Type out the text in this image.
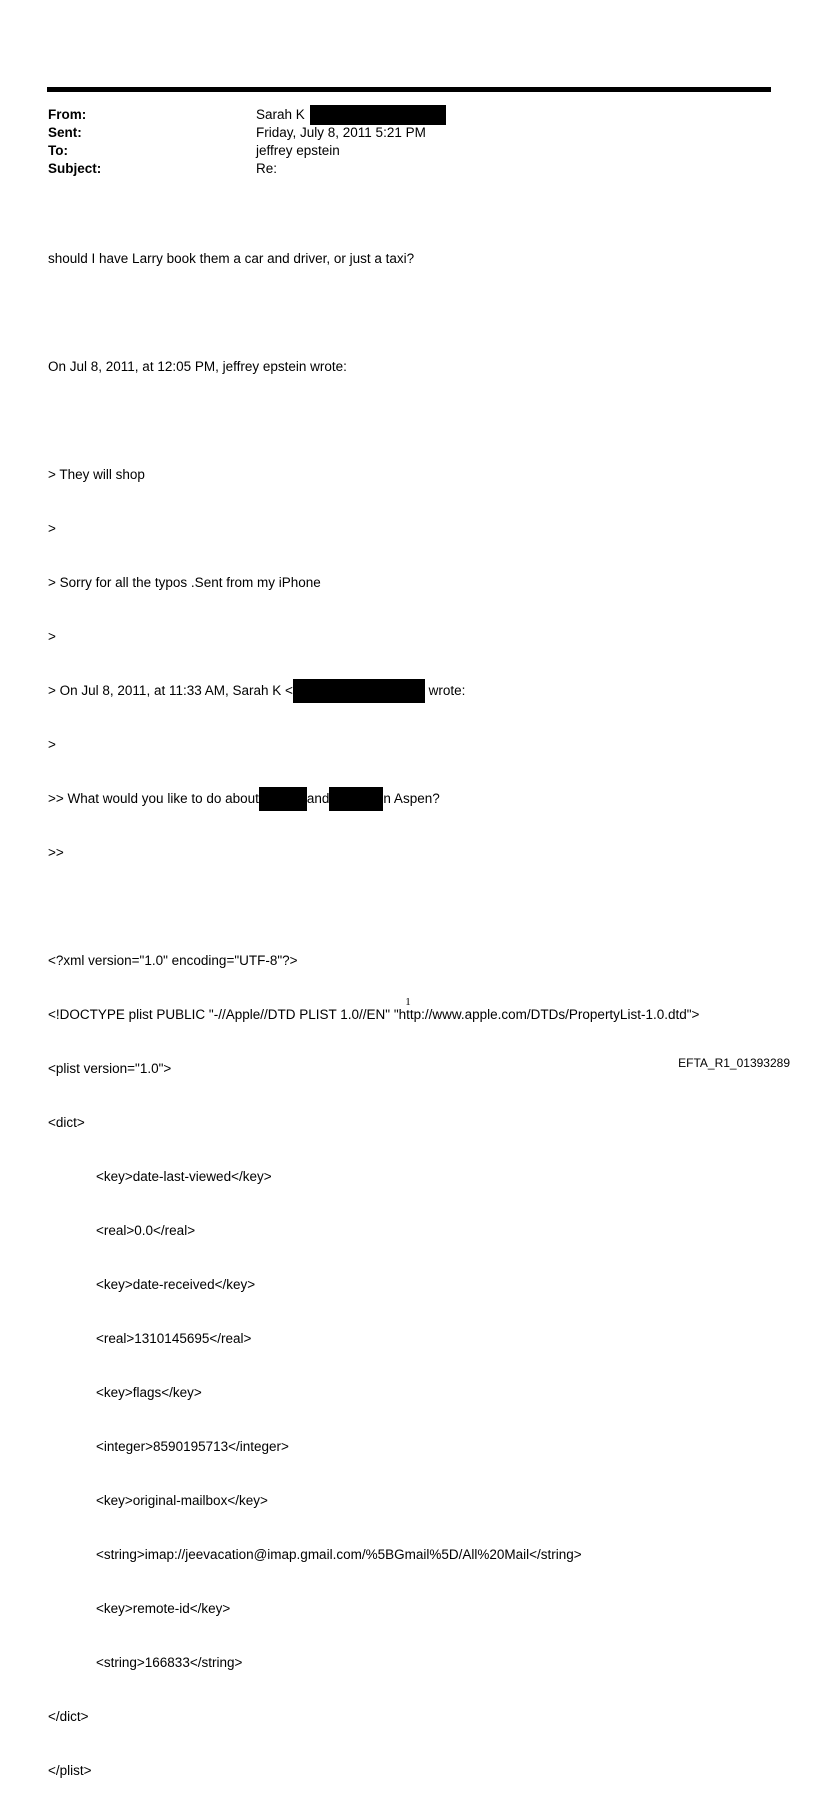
From:	Sarah K
Sent:	Friday, July 8, 2011 5:21 PM
To:	jeffrey epstein
Subject:	Re:

should I have Larry book them a car and driver, or just a taxi?

On Jul 8, 2011, at 12:05 PM, jeffrey epstein wrote:

> They will shop

>

> Sorry for all the typos .Sent from my iPhone

>

> On Jul 8, 2011, at 11:33 AM, Sarah K <	wrote:

>

>> What would you like to do about	and	n Aspen?

>>

<?xml version="1.0" encoding="UTF-8"?>

<!DOCTYPE plist PUBLIC "-//Apple//DTD PLIST 1.0//EN" "http://www.apple.com/DTDs/PropertyList-1.0.dtd">

<plist version="1.0">

<dict>

<key>date-last-viewed</key>

<real>0.0</real>

<key>date-received</key>

<real>1310145695</real>

<key>flags</key>

<integer>8590195713</integer>

<key>original-mailbox</key>

<string>imap://jeevacation@imap.gmail.com/%5BGmail%5D/All%20Mail</string>

<key>remote-id</key>

<string>166833</string>

</dict>

</plist>

1
EFTA_R1_01393289
